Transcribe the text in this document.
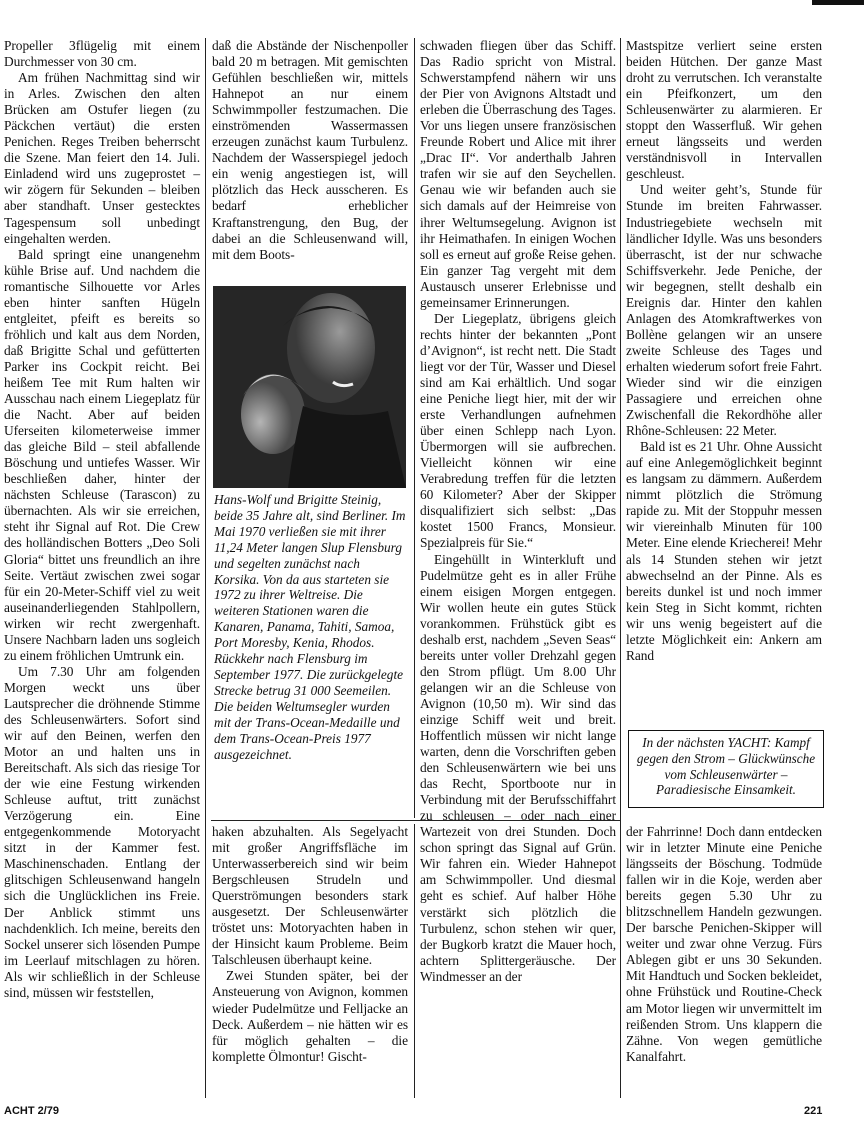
Propeller 3flügelig mit einem Durchmesser von 30 cm.

Am frühen Nachmittag sind wir in Arles. Zwischen den alten Brücken am Ostufer liegen (zu Päckchen vertäut) die ersten Penichen. Reges Treiben beherrscht die Szene. Man feiert den 14. Juli. Einladend wird uns zugeprostet – wir zögern für Sekunden – bleiben aber standhaft. Unser gestecktes Tagespensum soll unbedingt eingehalten werden.

Bald springt eine unangenehm kühle Brise auf. Und nachdem die romantische Silhouette vor Arles eben hinter sanften Hügeln entgleitet, pfeift es bereits so fröhlich und kalt aus dem Norden, daß Brigitte Schal und gefütterten Parker ins Cockpit reicht. Bei heißem Tee mit Rum halten wir Ausschau nach einem Liegeplatz für die Nacht. Aber auf beiden Uferseiten kilometerweise immer das gleiche Bild – steil abfallende Böschung und untiefes Wasser. Wir beschließen daher, hinter der nächsten Schleuse (Tarascon) zu übernachten. Als wir sie erreichen, steht ihr Signal auf Rot. Die Crew des holländischen Botters „Deo Soli Gloria“ bittet uns freundlich an ihre Seite. Vertäut zwischen zwei sogar für ein 20-Meter-Schiff viel zu weit auseinanderliegenden Stahlpollern, wirken wir recht zwergenhaft. Unsere Nachbarn laden uns sogleich zu einem fröhlichen Umtrunk ein.

Um 7.30 Uhr am folgenden Morgen weckt uns über Lautsprecher die dröhnende Stimme des Schleusenwärters. Sofort sind wir auf den Beinen, werfen den Motor an und halten uns in Bereitschaft. Als sich das riesige Tor der wie eine Festung wirkenden Schleuse auftut, tritt zunächst Verzögerung ein. Eine entgegenkommende Motoryacht sitzt in der Kammer fest. Maschinenschaden. Entlang der glitschigen Schleusenwand hangeln sich die Unglücklichen ins Freie. Der Anblick stimmt uns nachdenklich. Ich meine, bereits den Sockel unserer sich lösenden Pumpe im Leerlauf mitschlagen zu hören. Als wir schließlich in der Schleuse sind, müssen wir feststellen,

daß die Abstände der Nischenpoller bald 20 m betragen. Mit gemischten Gefühlen beschließen wir, mittels Hahnepot an nur einem Schwimmpoller festzumachen. Die einströmenden Wassermassen erzeugen zunächst kaum Turbulenz. Nachdem der Wasserspiegel jedoch ein wenig angestiegen ist, will plötzlich das Heck ausscheren. Es bedarf erheblicher Kraftanstrengung, den Bug, der dabei an die Schleusenwand will, mit dem Boots-

Hans-Wolf und Brigitte Steinig, beide 35 Jahre alt, sind Berliner. Im Mai 1970 verließen sie mit ihrer 11,24 Meter langen Slup Flensburg und segelten zunächst nach Korsika. Von da aus starteten sie 1972 zu ihrer Weltreise. Die weiteren Stationen waren die Kanaren, Panama, Tahiti, Samoa, Port Moresby, Kenia, Rhodos. Rückkehr nach Flensburg im September 1977. Die zurückgelegte Strecke betrug 31 000 Seemeilen. Die beiden Weltumsegler wurden mit der Trans-Ocean-Medaille und dem Trans-Ocean-Preis 1977 ausgezeichnet.

haken abzuhalten. Als Segelyacht mit großer Angriffsfläche im Unterwasserbereich sind wir beim Bergschleusen Strudeln und Querströmungen besonders stark ausgesetzt. Der Schleusenwärter tröstet uns: Motoryachten haben in der Hinsicht kaum Probleme. Beim Talschleusen überhaupt keine.

Zwei Stunden später, bei der Ansteuerung von Avignon, kommen wieder Pudelmütze und Felljacke an Deck. Außerdem – nie hätten wir es für möglich gehalten – die komplette Ölmontur! Gischt-

schwaden fliegen über das Schiff. Das Radio spricht von Mistral. Schwerstampfend nähern wir uns der Pier von Avignons Altstadt und erleben die Überraschung des Tages. Vor uns liegen unsere französischen Freunde Robert und Alice mit ihrer „Drac II“. Vor anderthalb Jahren trafen wir sie auf den Seychellen. Genau wie wir befanden auch sie sich damals auf der Heimreise von ihrer Weltumsegelung. Avignon ist ihr Heimathafen. In einigen Wochen soll es erneut auf große Reise gehen. Ein ganzer Tag vergeht mit dem Austausch unserer Erlebnisse und gemeinsamer Erinnerungen.

Der Liegeplatz, übrigens gleich rechts hinter der bekannten „Pont d’Avignon“, ist recht nett. Die Stadt liegt vor der Tür, Wasser und Diesel sind am Kai erhältlich. Und sogar eine Peniche liegt hier, mit der wir erste Verhandlungen aufnehmen über einen Schlepp nach Lyon. Übermorgen will sie aufbrechen. Vielleicht können wir eine Verabredung treffen für die letzten 60 Kilometer? Aber der Skipper disqualifiziert sich selbst: „Das kostet 1500 Francs, Monsieur. Spezialpreis für Sie.“

Eingehüllt in Winterkluft und Pudelmütze geht es in aller Frühe einem eisigen Morgen entgegen. Wir wollen heute ein gutes Stück vorankommen. Frühstück gibt es deshalb erst, nachdem „Seven Seas“ bereits unter voller Drehzahl gegen den Strom pflügt. Um 8.00 Uhr gelangen wir an die Schleuse von Avignon (10,50 m). Wir sind das einzige Schiff weit und breit. Hoffentlich müssen wir nicht lange warten, denn die Vorschriften geben den Schleusenwärtern wie bei uns das Recht, Sportboote nur in Verbindung mit der Berufsschiffahrt zu schleusen – oder nach einer Wartezeit von drei Stunden. Doch schon springt das Signal auf Grün. Wir fahren ein. Wieder Hahnepot am Schwimmpoller. Und diesmal geht es schief. Auf halber Höhe verstärkt sich plötzlich die Turbulenz, schon stehen wir quer, der Bugkorb kratzt die Mauer hoch, achtern Splittergeräusche. Der Windmesser an der

Mastspitze verliert seine ersten beiden Hütchen. Der ganze Mast droht zu verrutschen. Ich veranstalte ein Pfeifkonzert, um den Schleusenwärter zu alarmieren. Er stoppt den Wasserfluß. Wir gehen erneut längsseits und werden verständnisvoll in Intervallen geschleust.

Und weiter geht’s, Stunde für Stunde im breiten Fahrwasser. Industriegebiete wechseln mit ländlicher Idylle. Was uns besonders überrascht, ist der nur schwache Schiffsverkehr. Jede Peniche, der wir begegnen, stellt deshalb ein Ereignis dar. Hinter den kahlen Anlagen des Atomkraftwerkes von Bollène gelangen wir an unsere zweite Schleuse des Tages und erhalten wiederum sofort freie Fahrt. Wieder sind wir die einzigen Passagiere und erreichen ohne Zwischenfall die Rekordhöhe aller Rhône-Schleusen: 22 Meter.

Bald ist es 21 Uhr. Ohne Aussicht auf eine Anlegemöglichkeit beginnt es langsam zu dämmern. Außerdem nimmt plötzlich die Strömung rapide zu. Mit der Stoppuhr messen wir viereinhalb Minuten für 100 Meter. Eine elende Kriecherei! Mehr als 14 Stunden stehen wir jetzt abwechselnd an der Pinne. Als es bereits dunkel ist und noch immer kein Steg in Sicht kommt, richten wir uns wenig begeistert auf die letzte Möglichkeit ein: Ankern am Rand

In der nächsten YACHT: Kampf gegen den Strom – Glückwünsche vom Schleusenwärter – Paradiesische Einsamkeit.

der Fahrrinne! Doch dann entdecken wir in letzter Minute eine Peniche längsseits der Böschung. Todmüde fallen wir in die Koje, werden aber bereits gegen 5.30 Uhr zu blitzschnellem Handeln gezwungen. Der barsche Penichen-Skipper will weiter und zwar ohne Verzug. Fürs Ablegen gibt er uns 30 Sekunden. Mit Handtuch und Socken bekleidet, ohne Frühstück und Routine-Check am Motor liegen wir unvermittelt im reißenden Strom. Uns klappern die Zähne. Von wegen gemütliche Kanalfahrt.

ACHT 2/79	221
